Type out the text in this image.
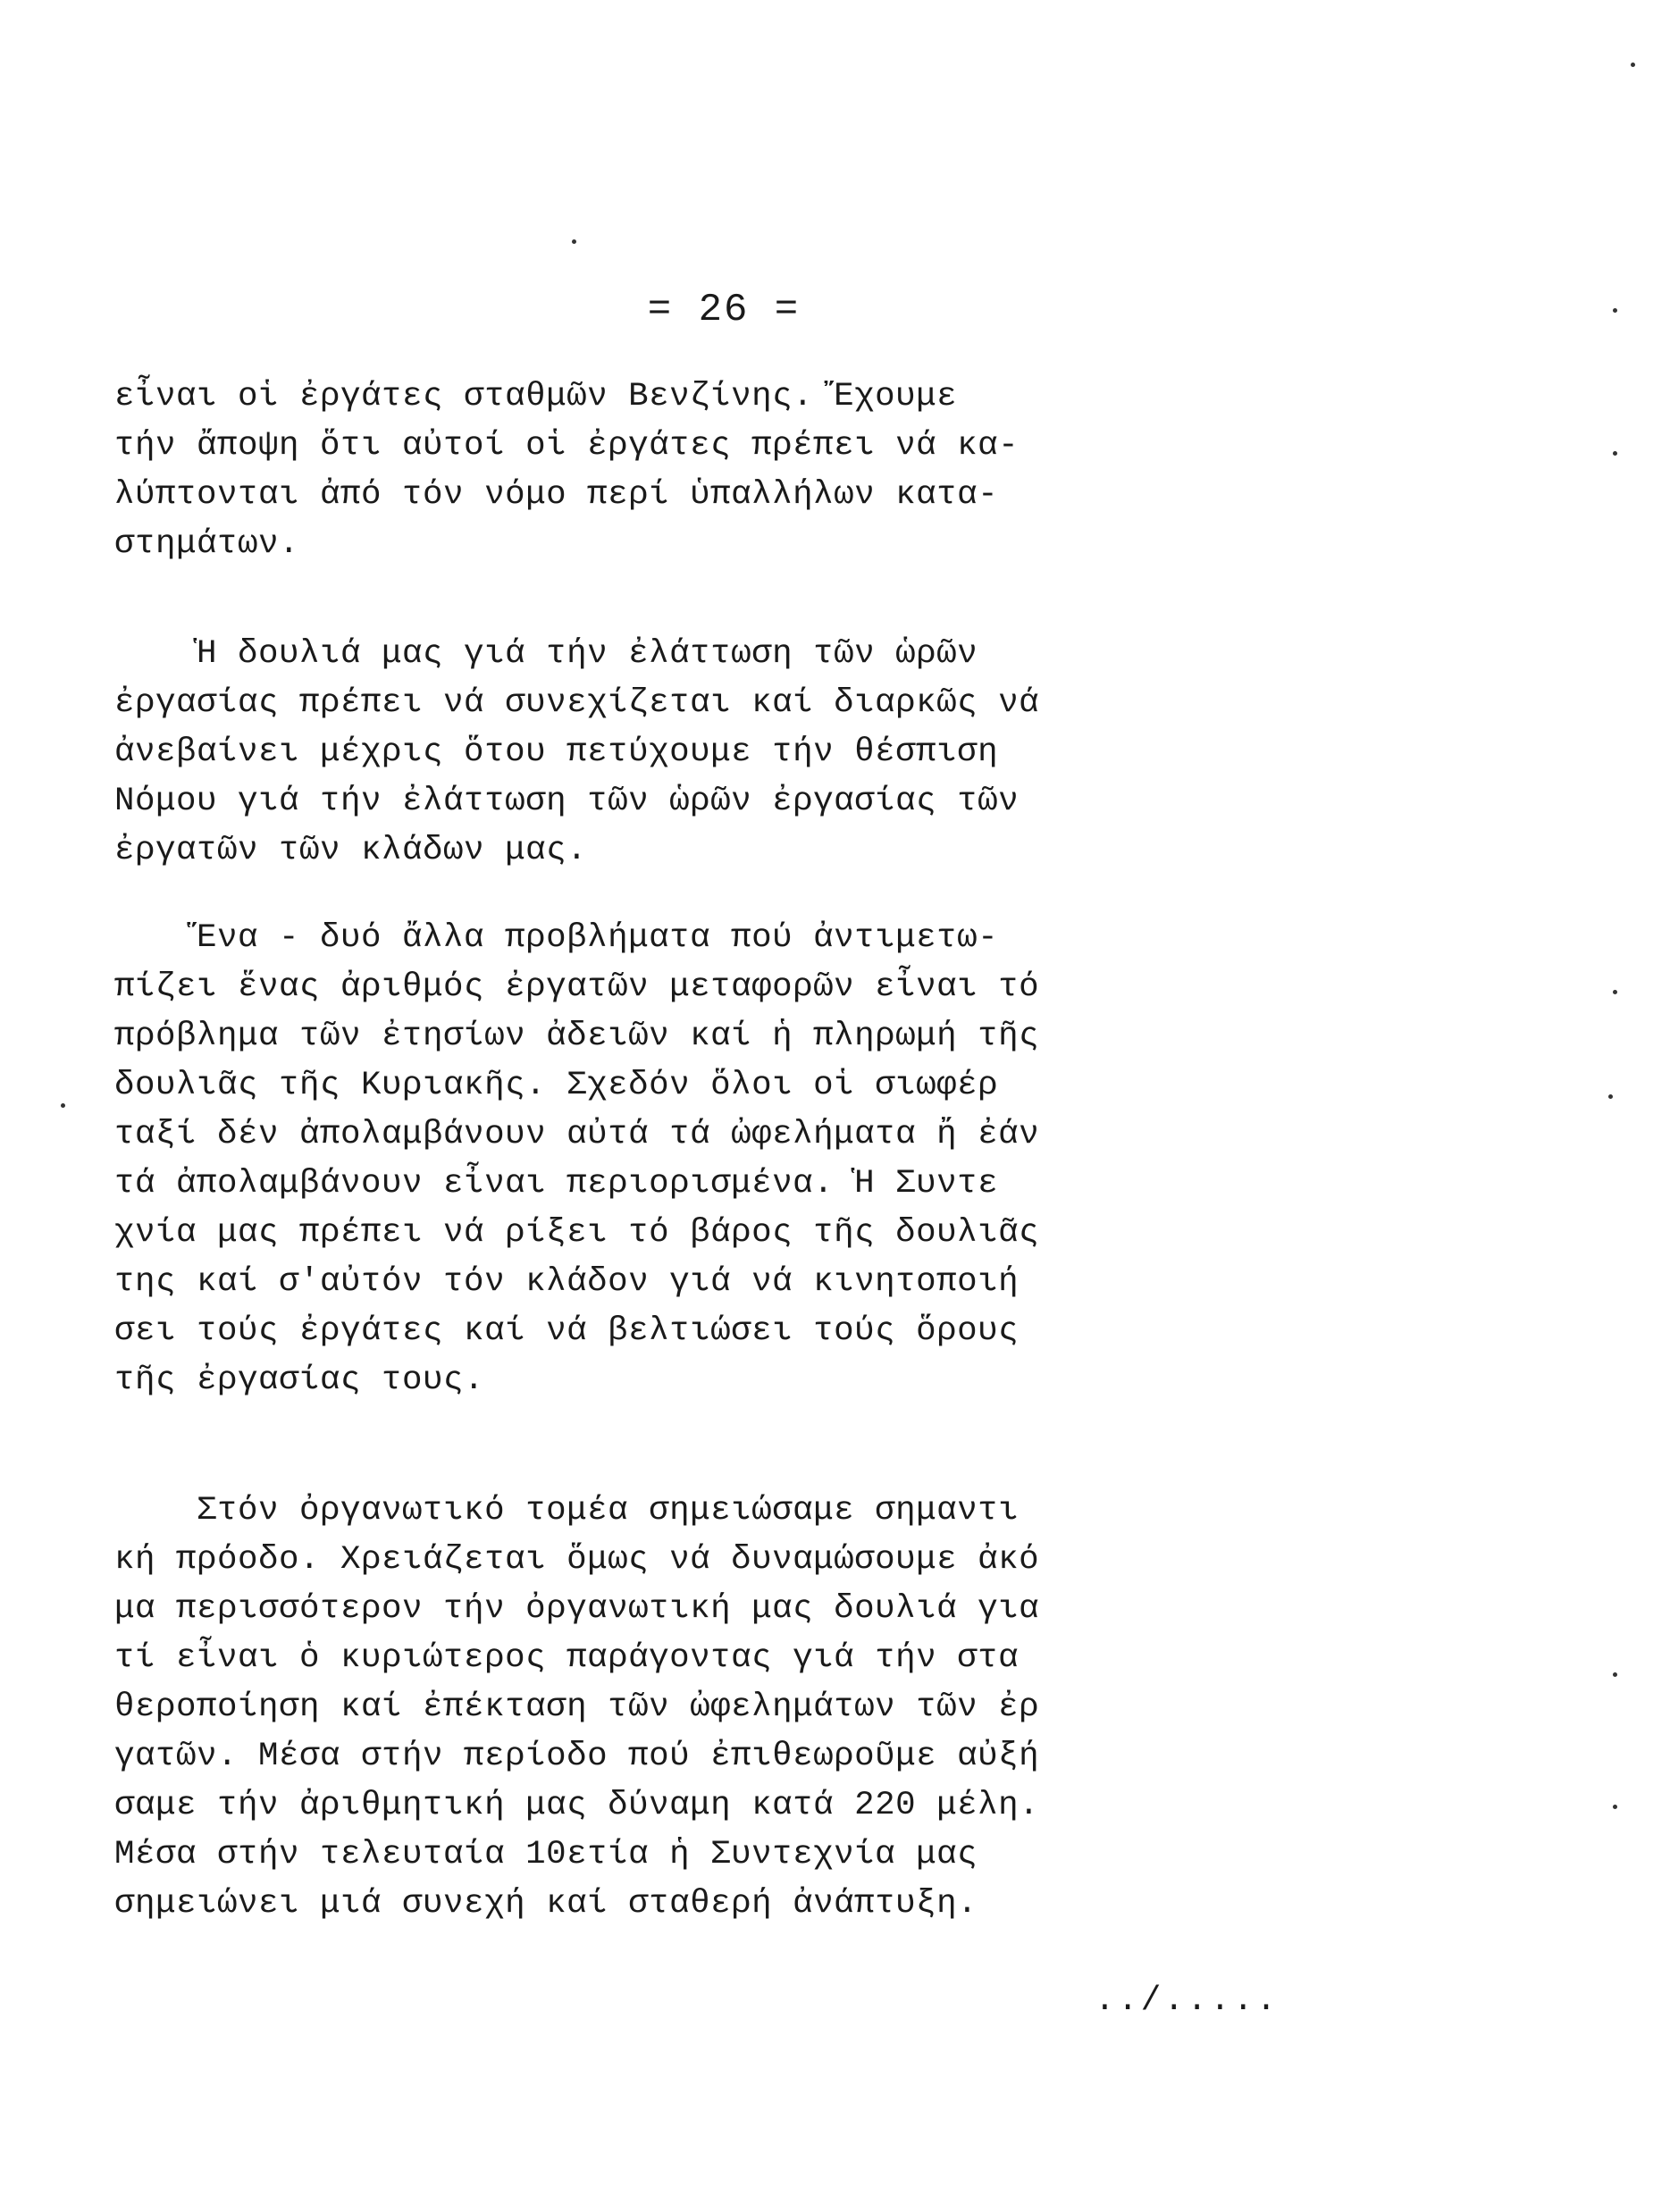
= 26 =
εἶναι οἱ ἐργάτες σταθμῶν Βενζίνης. Ἔχουμε
τήν ἄποψη ὅτι αὐτοί οἱ ἐργάτες πρέπει νά κα-
λύπτονται ἀπό τόν νόμο περί ὑπαλλήλων κατα-
στημάτων.
Ἡ δουλιά μας γιά τήν ἐλάττωση τῶν ὡρῶν
ἐργασίας πρέπει νά συνεχίζεται καί διαρκῶς νά
ἀνεβαίνει μέχρις ὅτου πετύχουμε τήν θέσπιση
Νόμου γιά τήν ἐλάττωση τῶν ὡρῶν ἐργασίας τῶν
ἐργατῶν τῶν κλάδων μας.
Ἕνα - δυό ἄλλα προβλήματα πού ἀντιμετω-
πίζει ἕνας ἀριθμός ἐργατῶν μεταφορῶν εἶναι τό
πρόβλημα τῶν ἐτησίων ἀδειῶν καί ἡ πληρωμή τῆς
δουλιᾶς τῆς Κυριακῆς. Σχεδόν ὅλοι οἱ σιωφέρ
ταξί δέν ἀπολαμβάνουν αὐτά τά ὠφελήματα ἤ ἐάν
τά ἀπολαμβάνουν εἶναι περιορισμένα. Ἡ Συντε
χνία μας πρέπει νά ρίξει τό βάρος τῆς δουλιᾶς
της καί σ'αὐτόν τόν κλάδον γιά νά κινητοποιή
σει τούς ἐργάτες καί νά βελτιώσει τούς ὅρους
τῆς ἐργασίας τους.
Στόν ὀργανωτικό τομέα σημειώσαμε σημαντι
κή πρόοδο. Χρειάζεται ὅμως νά δυναμώσουμε ἀκό
μα περισσότερον τήν ὀργανωτική μας δουλιά για
τί εἶναι ὁ κυριώτερος παράγοντας γιά τήν στα
θεροποίηση καί ἐπέκταση τῶν ὠφελημάτων τῶν ἐρ
γατῶν. Μέσα στήν περίοδο πού ἐπιθεωροῦμε αὐξή
σαμε τήν ἀριθμητική μας δύναμη κατά 220 μέλη.
Μέσα στήν τελευταία 10ετία ἡ Συντεχνία μας
σημειώνει μιά συνεχή καί σταθερή ἀνάπτυξη.
../.....
